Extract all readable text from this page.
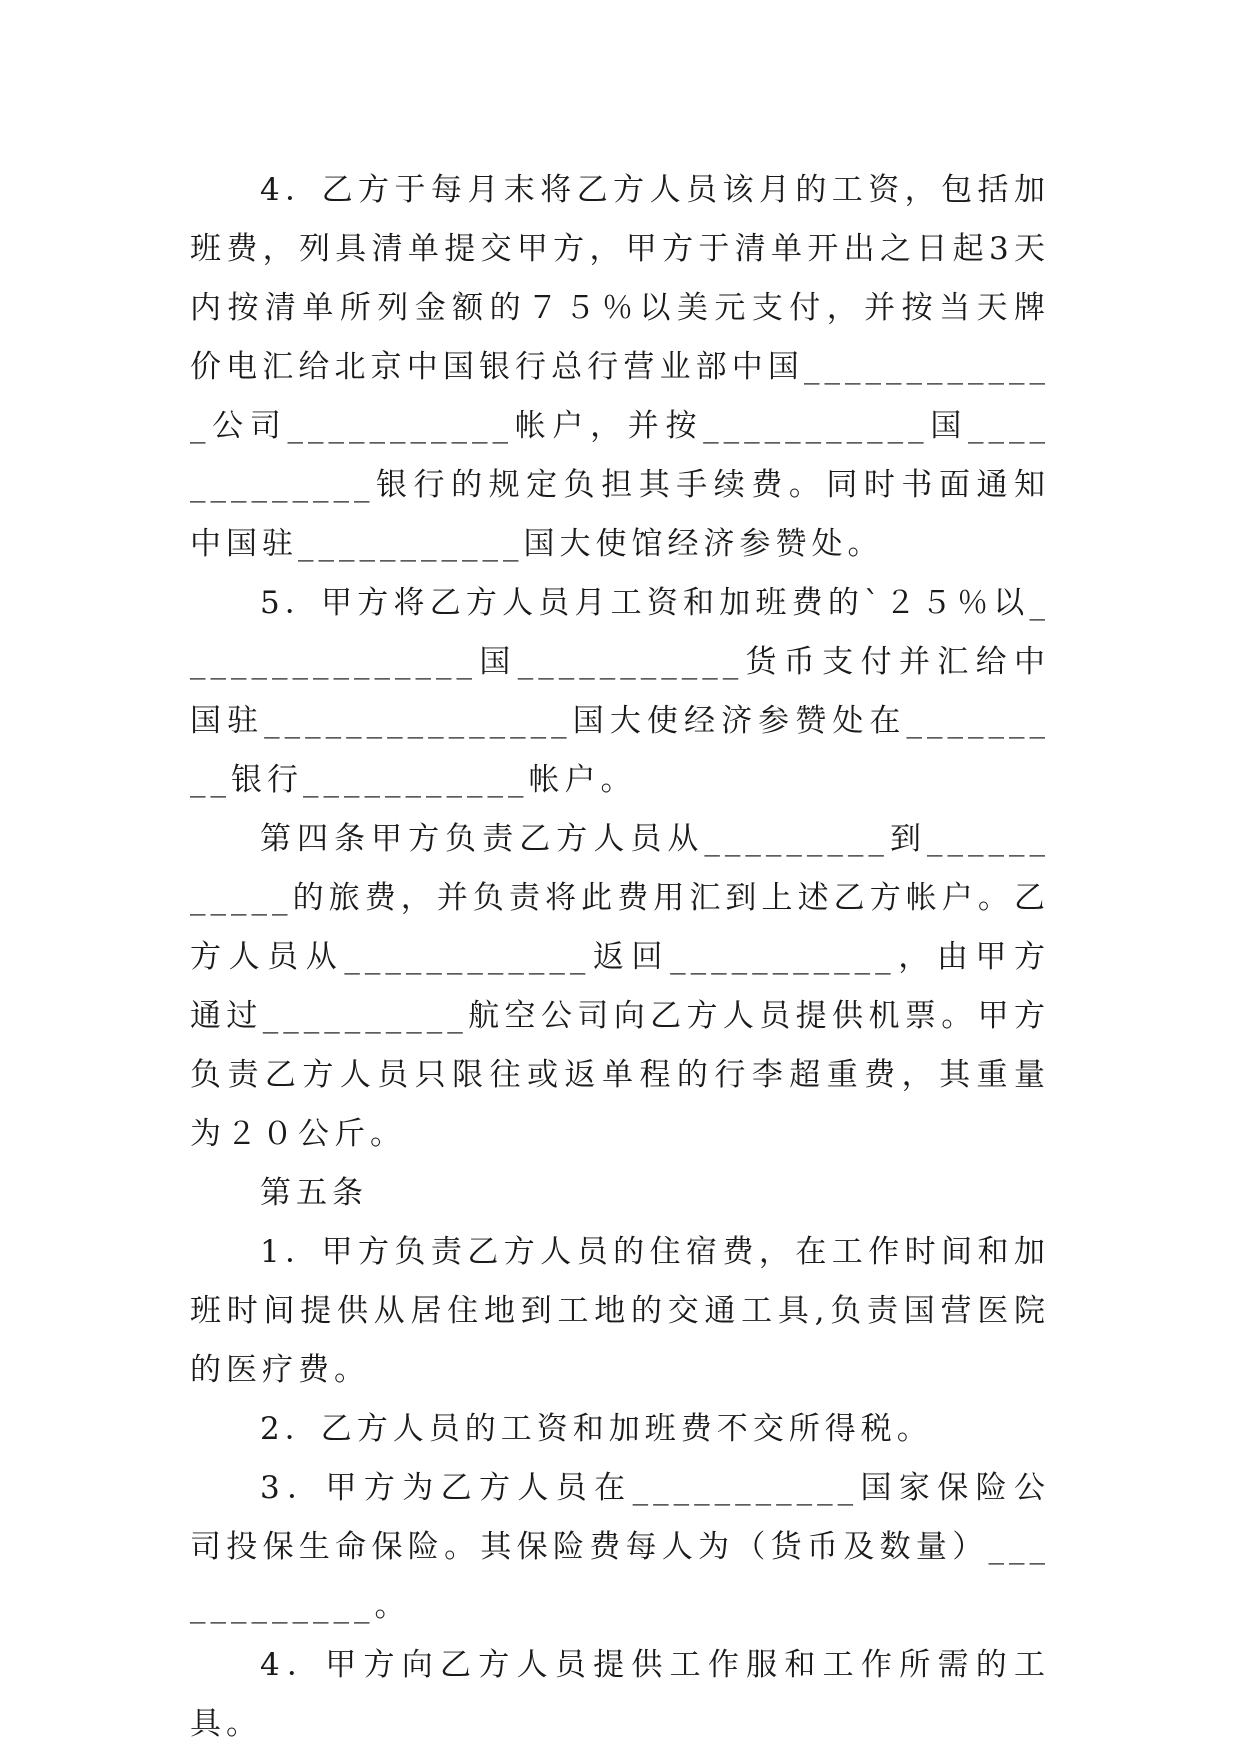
4．乙方于每月末将乙方人员该月的工资，包括加班费，列具清单提交甲方，甲方于清单开出之日起3天内按清单所列金额的７５％以美元支付，并按当天牌价电汇给北京中国银行总行营业部中国_____________公司___________帐户，并按___________国_____________银行的规定负担其手续费。同时书面通知中国驻___________国大使馆经济参赞处。

5．甲方将乙方人员月工资和加班费的`２５％以_______________国___________货币支付并汇给中国驻_______________国大使经济参赞处在_________银行___________帐户。

第四条甲方负责乙方人员从_________到___________的旅费，并负责将此费用汇到上述乙方帐户。乙方人员从____________返回___________，由甲方通过__________航空公司向乙方人员提供机票。甲方负责乙方人员只限往或返单程的行李超重费，其重量为２０公斤。

第五条

1．甲方负责乙方人员的住宿费，在工作时间和加班时间提供从居住地到工地的交通工具,负责国营医院的医疗费。

2．乙方人员的工资和加班费不交所得税。

3．甲方为乙方人员在___________国家保险公司投保生命保险。其保险费每人为（货币及数量）____________。

4．甲方向乙方人员提供工作服和工作所需的工具。
